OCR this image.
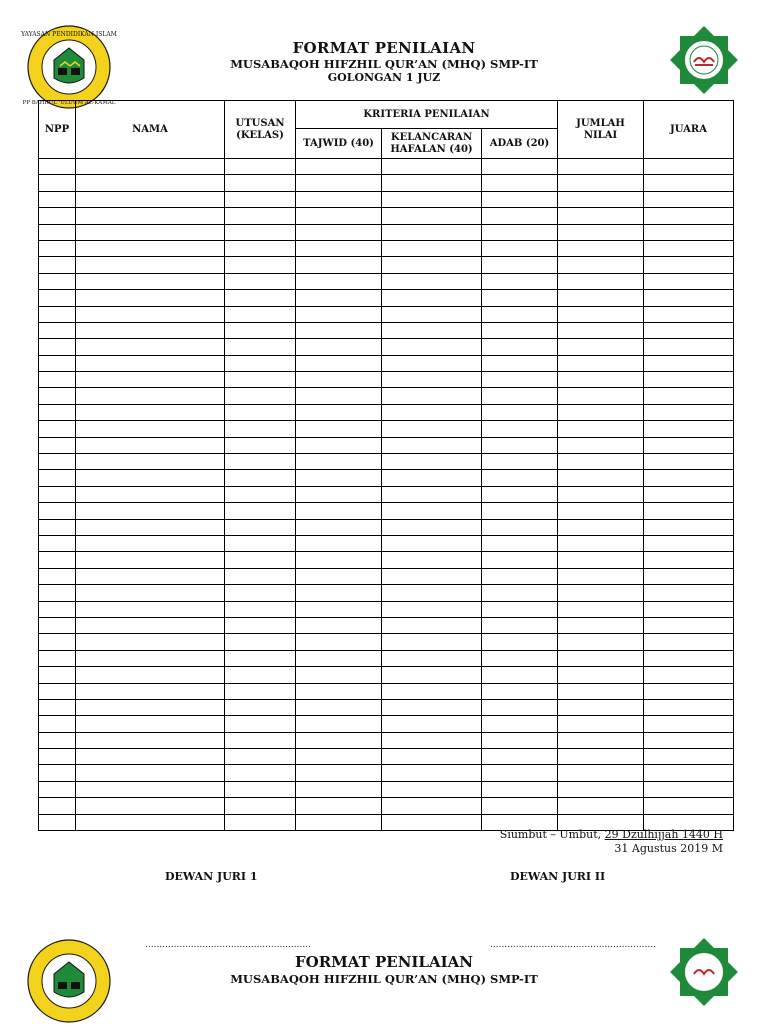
YAYASAN PENDIDIKAN ISLAM
PP BAHRUL 'ULUUM AL-KAMAL
FORMAT PENILAIAN
MUSABAQOH HIFZHIL QUR’AN (MHQ) SMP-IT
GOLONGAN 1 JUZ
NPP	NAMA	UTUSAN (KELAS)	KRITERIA PENILAIAN			JUMLAH NILAI	JUARA
			TAJWID (40)	KELANCARAN HAFALAN (40)	ADAB (20)		

Siumbut – Umbut, 29 Dzulhijjah 1440 H
31 Agustus 2019 M
DEWAN JURI 1	DEWAN JURI II
..........................................................	..........................................................
FORMAT PENILAIAN
MUSABAQOH HIFZHIL QUR’AN (MHQ) SMP-IT
